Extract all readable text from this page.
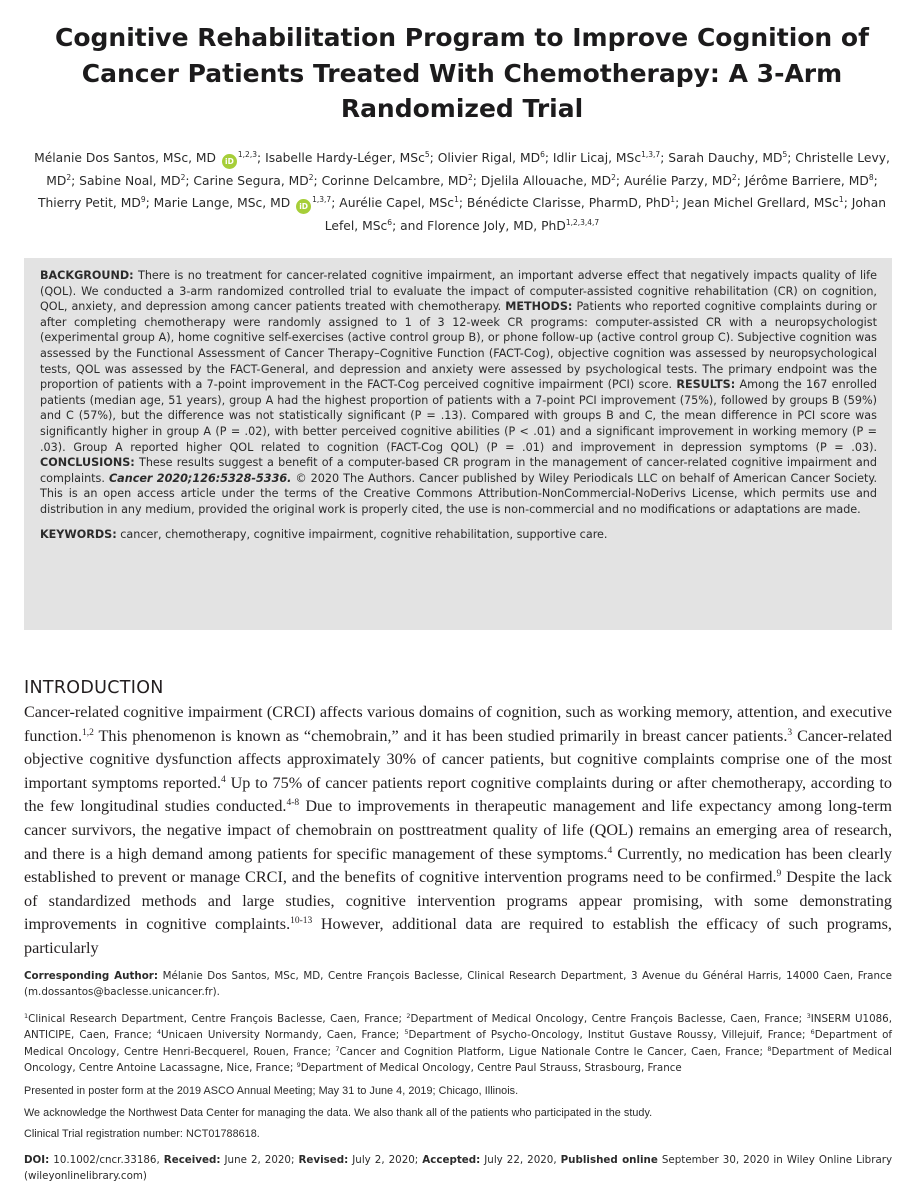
Cognitive Rehabilitation Program to Improve Cognition of Cancer Patients Treated With Chemotherapy: A 3-Arm Randomized Trial
Mélanie Dos Santos, MSc, MD iD$^{1,2,3}$; Isabelle Hardy-Léger, MSc$^5$; Olivier Rigal, $MD^6$; Idlir Licaj, MSc$^{1,3,7}$; Sarah Dauchy, $MD^5$; Christelle Levy, $MD^2$; Sabine Noal, $MD^2$; Carine Segura, $MD^2$; Corinne Delcambre, $MD^2$; Djelila Allouache, $MD^2$; Aurélie Parzy, $MD^2$; Jérôme Barriere, $MD^8$; Thierry Petit, $MD^9$; Marie Lange, MSc, MD iD$^{1,3,7}$; Aurélie Capel, MSc$^1$; Bénédicte Clarisse, PharmD, PhD$^1$; Jean Michel Grellard, MSc$^1$; Johan Lefel, MSc$^6$; and Florence Joly, MD, PhD$^{1,2,3,4,7}$

BACKGROUND: There is no treatment for cancer-related cognitive impairment, an important adverse effect that negatively impacts quality of life (QOL). We conducted a 3-arm randomized controlled trial to evaluate the impact of computer-assisted cognitive rehabilitation (CR) on cognition, QOL, anxiety, and depression among cancer patients treated with chemotherapy. METHODS: Patients who reported cognitive complaints during or after completing chemotherapy were randomly assigned to 1 of 3 12-week CR programs: computer-assisted CR with a neuropsychologist (experimental group A), home cognitive self-exercises (active control group B), or phone follow-up (active control group C). Subjective cognition was assessed by the Functional Assessment of Cancer Therapy–Cognitive Function (FACT-Cog), objective cognition was assessed by neuropsychological tests, QOL was assessed by the FACT-General, and depression and anxiety were assessed by psychological tests. The primary endpoint was the proportion of patients with a 7-point improvement in the FACT-Cog perceived cognitive impairment (PCI) score. RESULTS: Among the 167 enrolled patients (median age, 51 years), group A had the highest proportion of patients with a 7-point PCI improvement (75%), followed by groups B (59%) and C (57%), but the difference was not statistically significant (P = .13). Compared with groups B and C, the mean difference in PCI score was significantly higher in group A (P = .02), with better perceived cognitive abilities (P < .01) and a significant improvement in working memory (P = .03). Group A reported higher QOL related to cognition (FACT-Cog QOL) (P = .01) and improvement in depression symptoms (P = .03). CONCLUSIONS: These results suggest a benefit of a computer-based CR program in the management of cancer-related cognitive impairment and complaints. Cancer 2020;126:5328-5336. © 2020 The Authors. Cancer published by Wiley Periodicals LLC on behalf of American Cancer Society. This is an open access article under the terms of the Creative Commons Attribution-NonCommercial-NoDerivs License, which permits use and distribution in any medium, provided the original work is properly cited, the use is non-commercial and no modifications or adaptations are made.

KEYWORDS: cancer, chemotherapy, cognitive impairment, cognitive rehabilitation, supportive care.

INTRODUCTION

Cancer-related cognitive impairment (CRCI) affects various domains of cognition, such as working memory, attention, and executive function.$^{1,2}$ This phenomenon is known as “chemobrain,” and it has been studied primarily in breast cancer patients.$^3$ Cancer-related objective cognitive dysfunction affects approximately 30% of cancer patients, but cognitive complaints comprise one of the most important symptoms reported.$^4$ Up to 75% of cancer patients report cognitive complaints during or after chemotherapy, according to the few longitudinal studies conducted.$^{4-8}$ Due to improvements in therapeutic management and life expectancy among long-term cancer survivors, the negative impact of chemobrain on posttreatment quality of life (QOL) remains an emerging area of research, and there is a high demand among patients for specific management of these symptoms.$^4$ Currently, no medication has been clearly established to prevent or manage CRCI, and the benefits of cognitive intervention programs need to be confirmed.$^9$ Despite the lack of standardized methods and large studies, cognitive intervention programs appear promising, with some demonstrating improvements in cognitive complaints.$^{10-13}$ However, additional data are required to establish the efficacy of such programs, particularly

Corresponding Author: Mélanie Dos Santos, MSc, MD, Centre François Baclesse, Clinical Research Department, 3 Avenue du Général Harris, 14000 Caen, France (m.dossantos@baclesse.unicancer.fr).

$^1$Clinical Research Department, Centre François Baclesse, Caen, France; $^2$Department of Medical Oncology, Centre François Baclesse, Caen, France; $^3$INSERM U1086, ANTICIPE, Caen, France; $^4$Unicaen University Normandy, Caen, France; $^5$Department of Psycho-Oncology, Institut Gustave Roussy, Villejuif, France; $^6$Department of Medical Oncology, Centre Henri-Becquerel, Rouen, France; $^7$Cancer and Cognition Platform, Ligue Nationale Contre le Cancer, Caen, France; $^8$Department of Medical Oncology, Centre Antoine Lacassagne, Nice, France; $^9$Department of Medical Oncology, Centre Paul Strauss, Strasbourg, France

Presented in poster form at the 2019 ASCO Annual Meeting; May 31 to June 4, 2019; Chicago, Illinois.

We acknowledge the Northwest Data Center for managing the data. We also thank all of the patients who participated in the study.

Clinical Trial registration number: NCT01788618.

DOI: 10.1002/cncr.33186, Received: June 2, 2020; Revised: July 2, 2020; Accepted: July 22, 2020, Published online September 30, 2020 in Wiley Online Library (wileyonlinelibrary.com)
